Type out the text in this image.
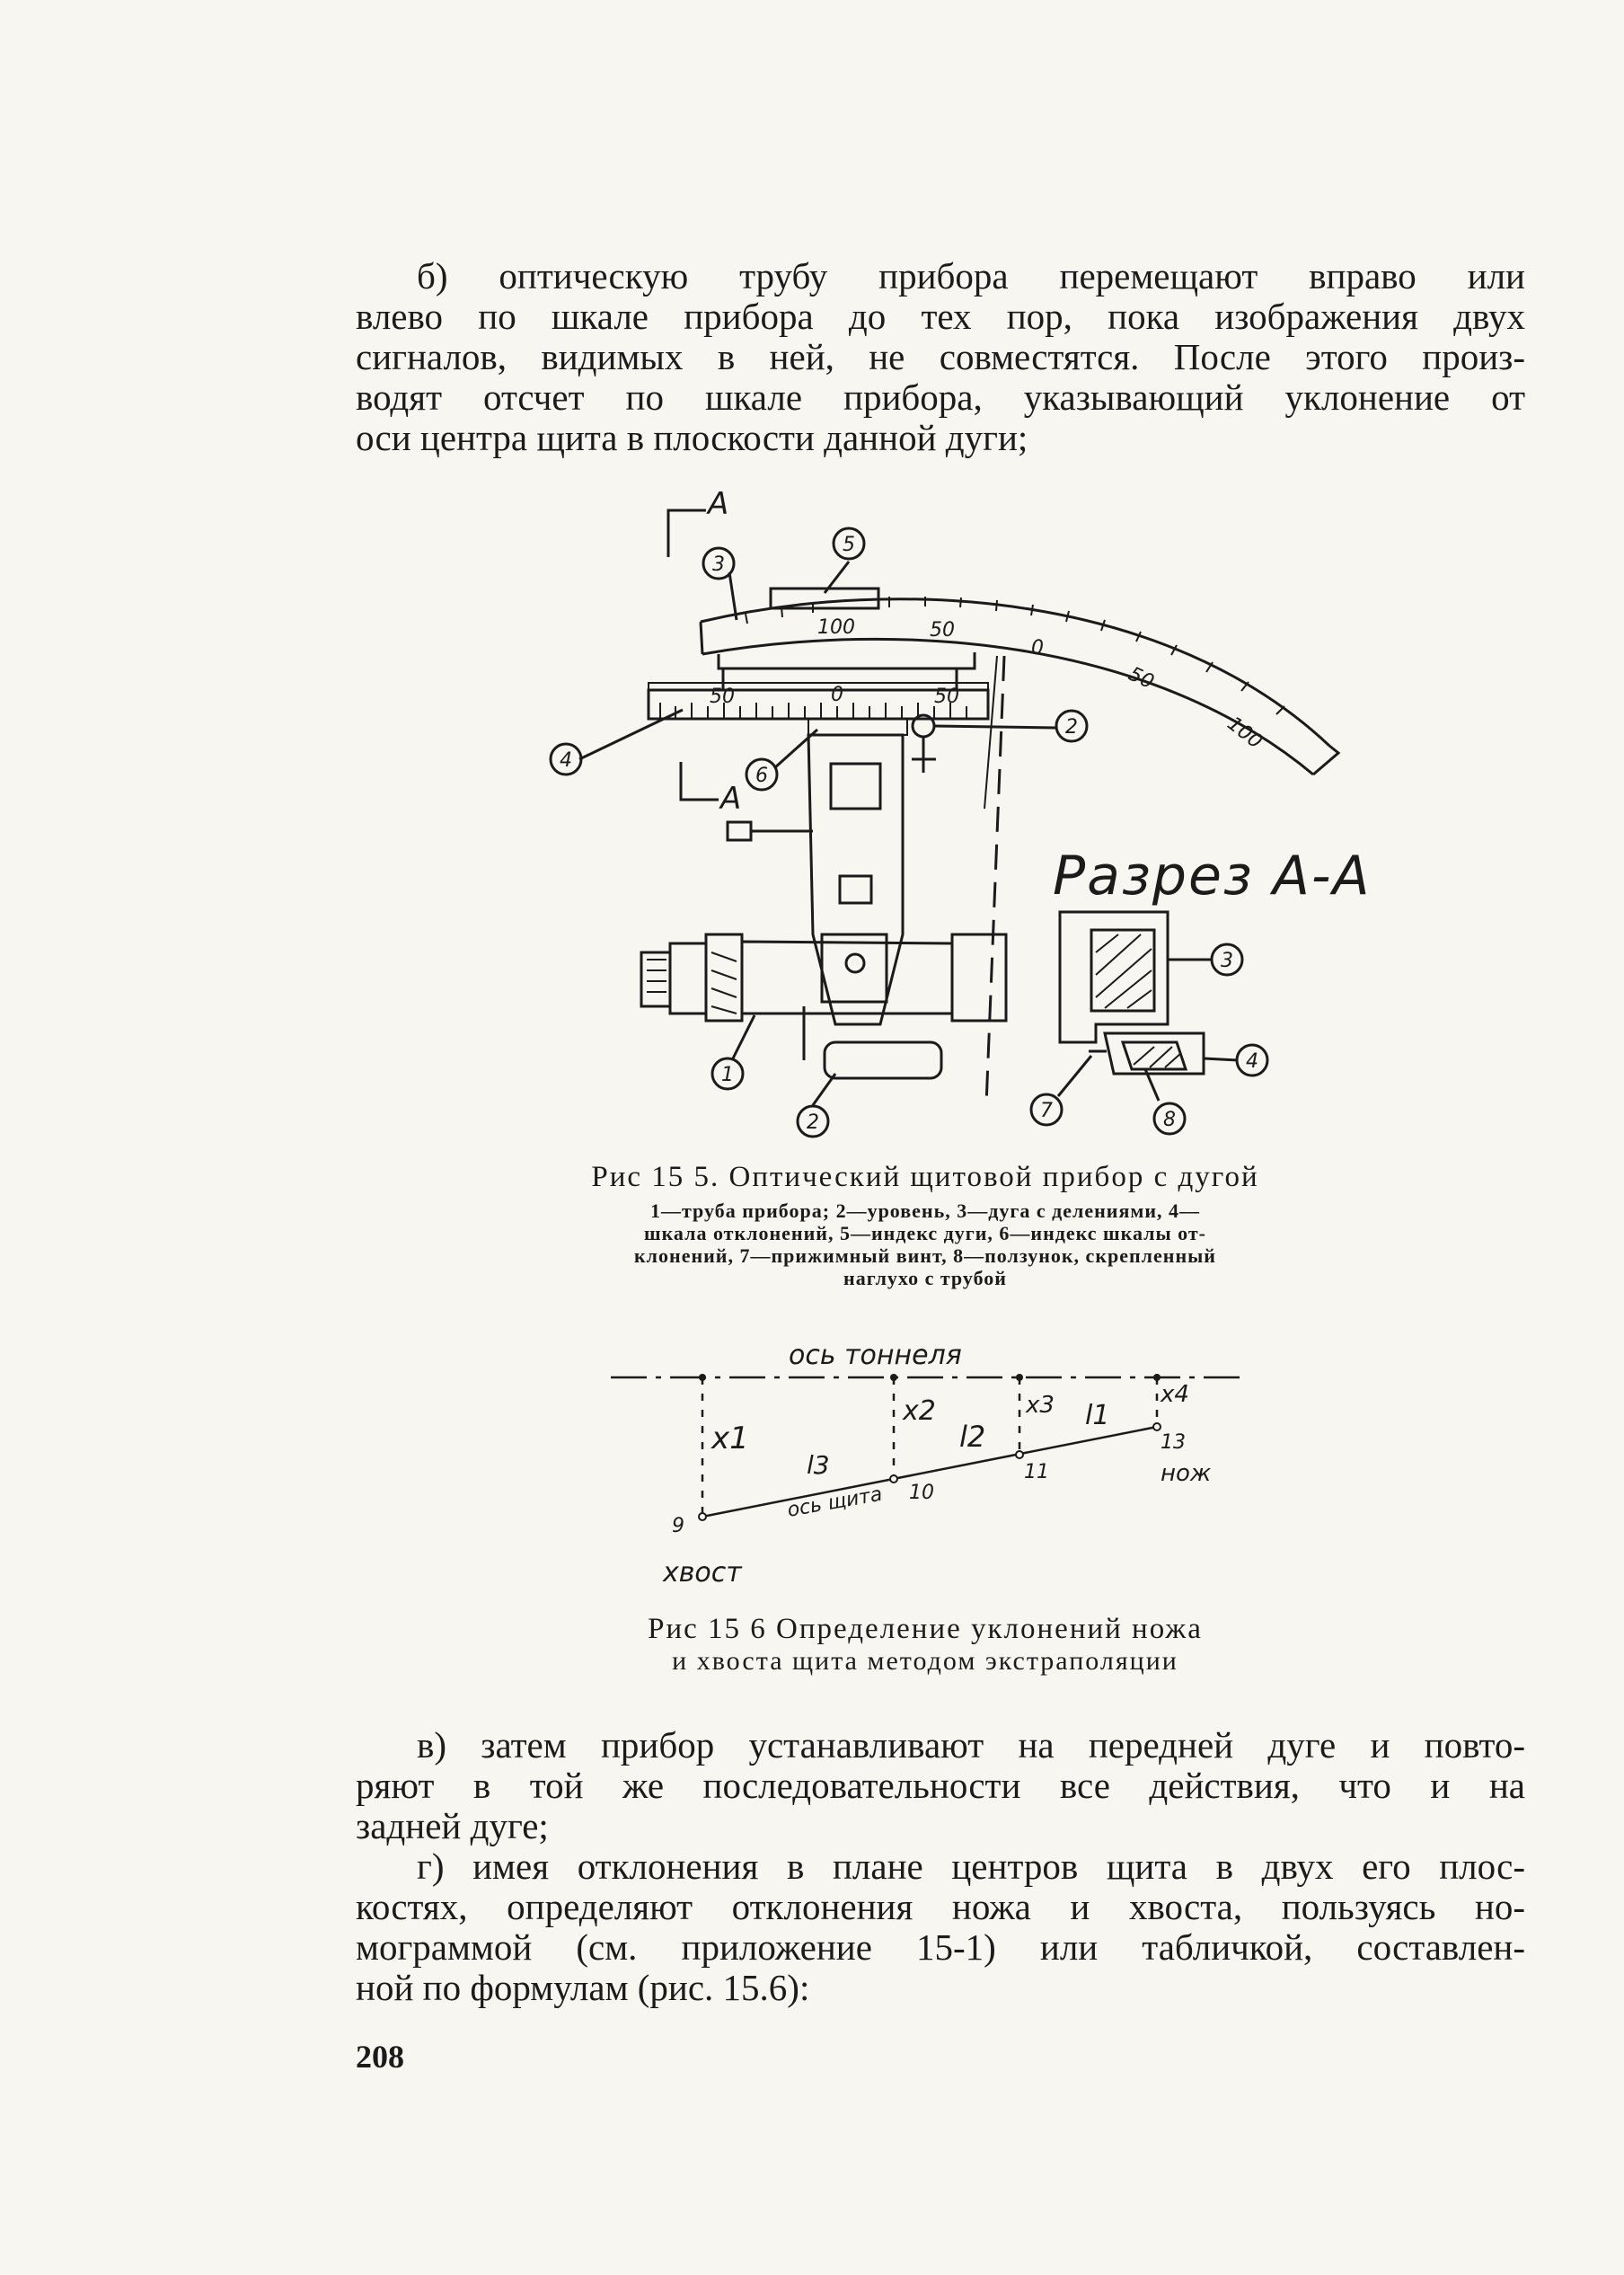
б) оптическую трубу прибора перемещают вправо или
влево по шкале прибора до тех пор, пока изображения двух
сигналов, видимых в ней, не совместятся. После этого произ-
водят отсчет по шкале прибора, указывающий уклонение от
оси центра щита в плоскости данной дуги;
5
3
4
6
2
1
2
3
4
7	8
А
А
Разрез А-А
100	50
0
50
100
50	0	50
Рис 15 5. Оптический щитовой прибор с дугой
1—труба прибора; 2—уровень, 3—дуга с делениями, 4—
шкала отклонений, 5—индекс дуги, 6—индекс шкалы от-
клонений, 7—прижимный винт, 8—ползунок, скрепленный
наглухо с трубой
ось тоннеля
ось щита
нож
хвост
x1
x2	x3	x4
l1
l2
l3
9
10
11
13
Рис 15 6 Определение уклонений ножа
и хвоста щита методом экстраполяции
в) затем прибор устанавливают на передней дуге и повто-
ряют в той же последовательности все действия, что и на
задней дуге;
г) имея отклонения в плане центров щита в двух его плос-
костях, определяют отклонения ножа и хвоста, пользуясь но-
мограммой (см. приложение 15-1) или табличкой, составлен-
ной по формулам (рис. 15.6):
208
